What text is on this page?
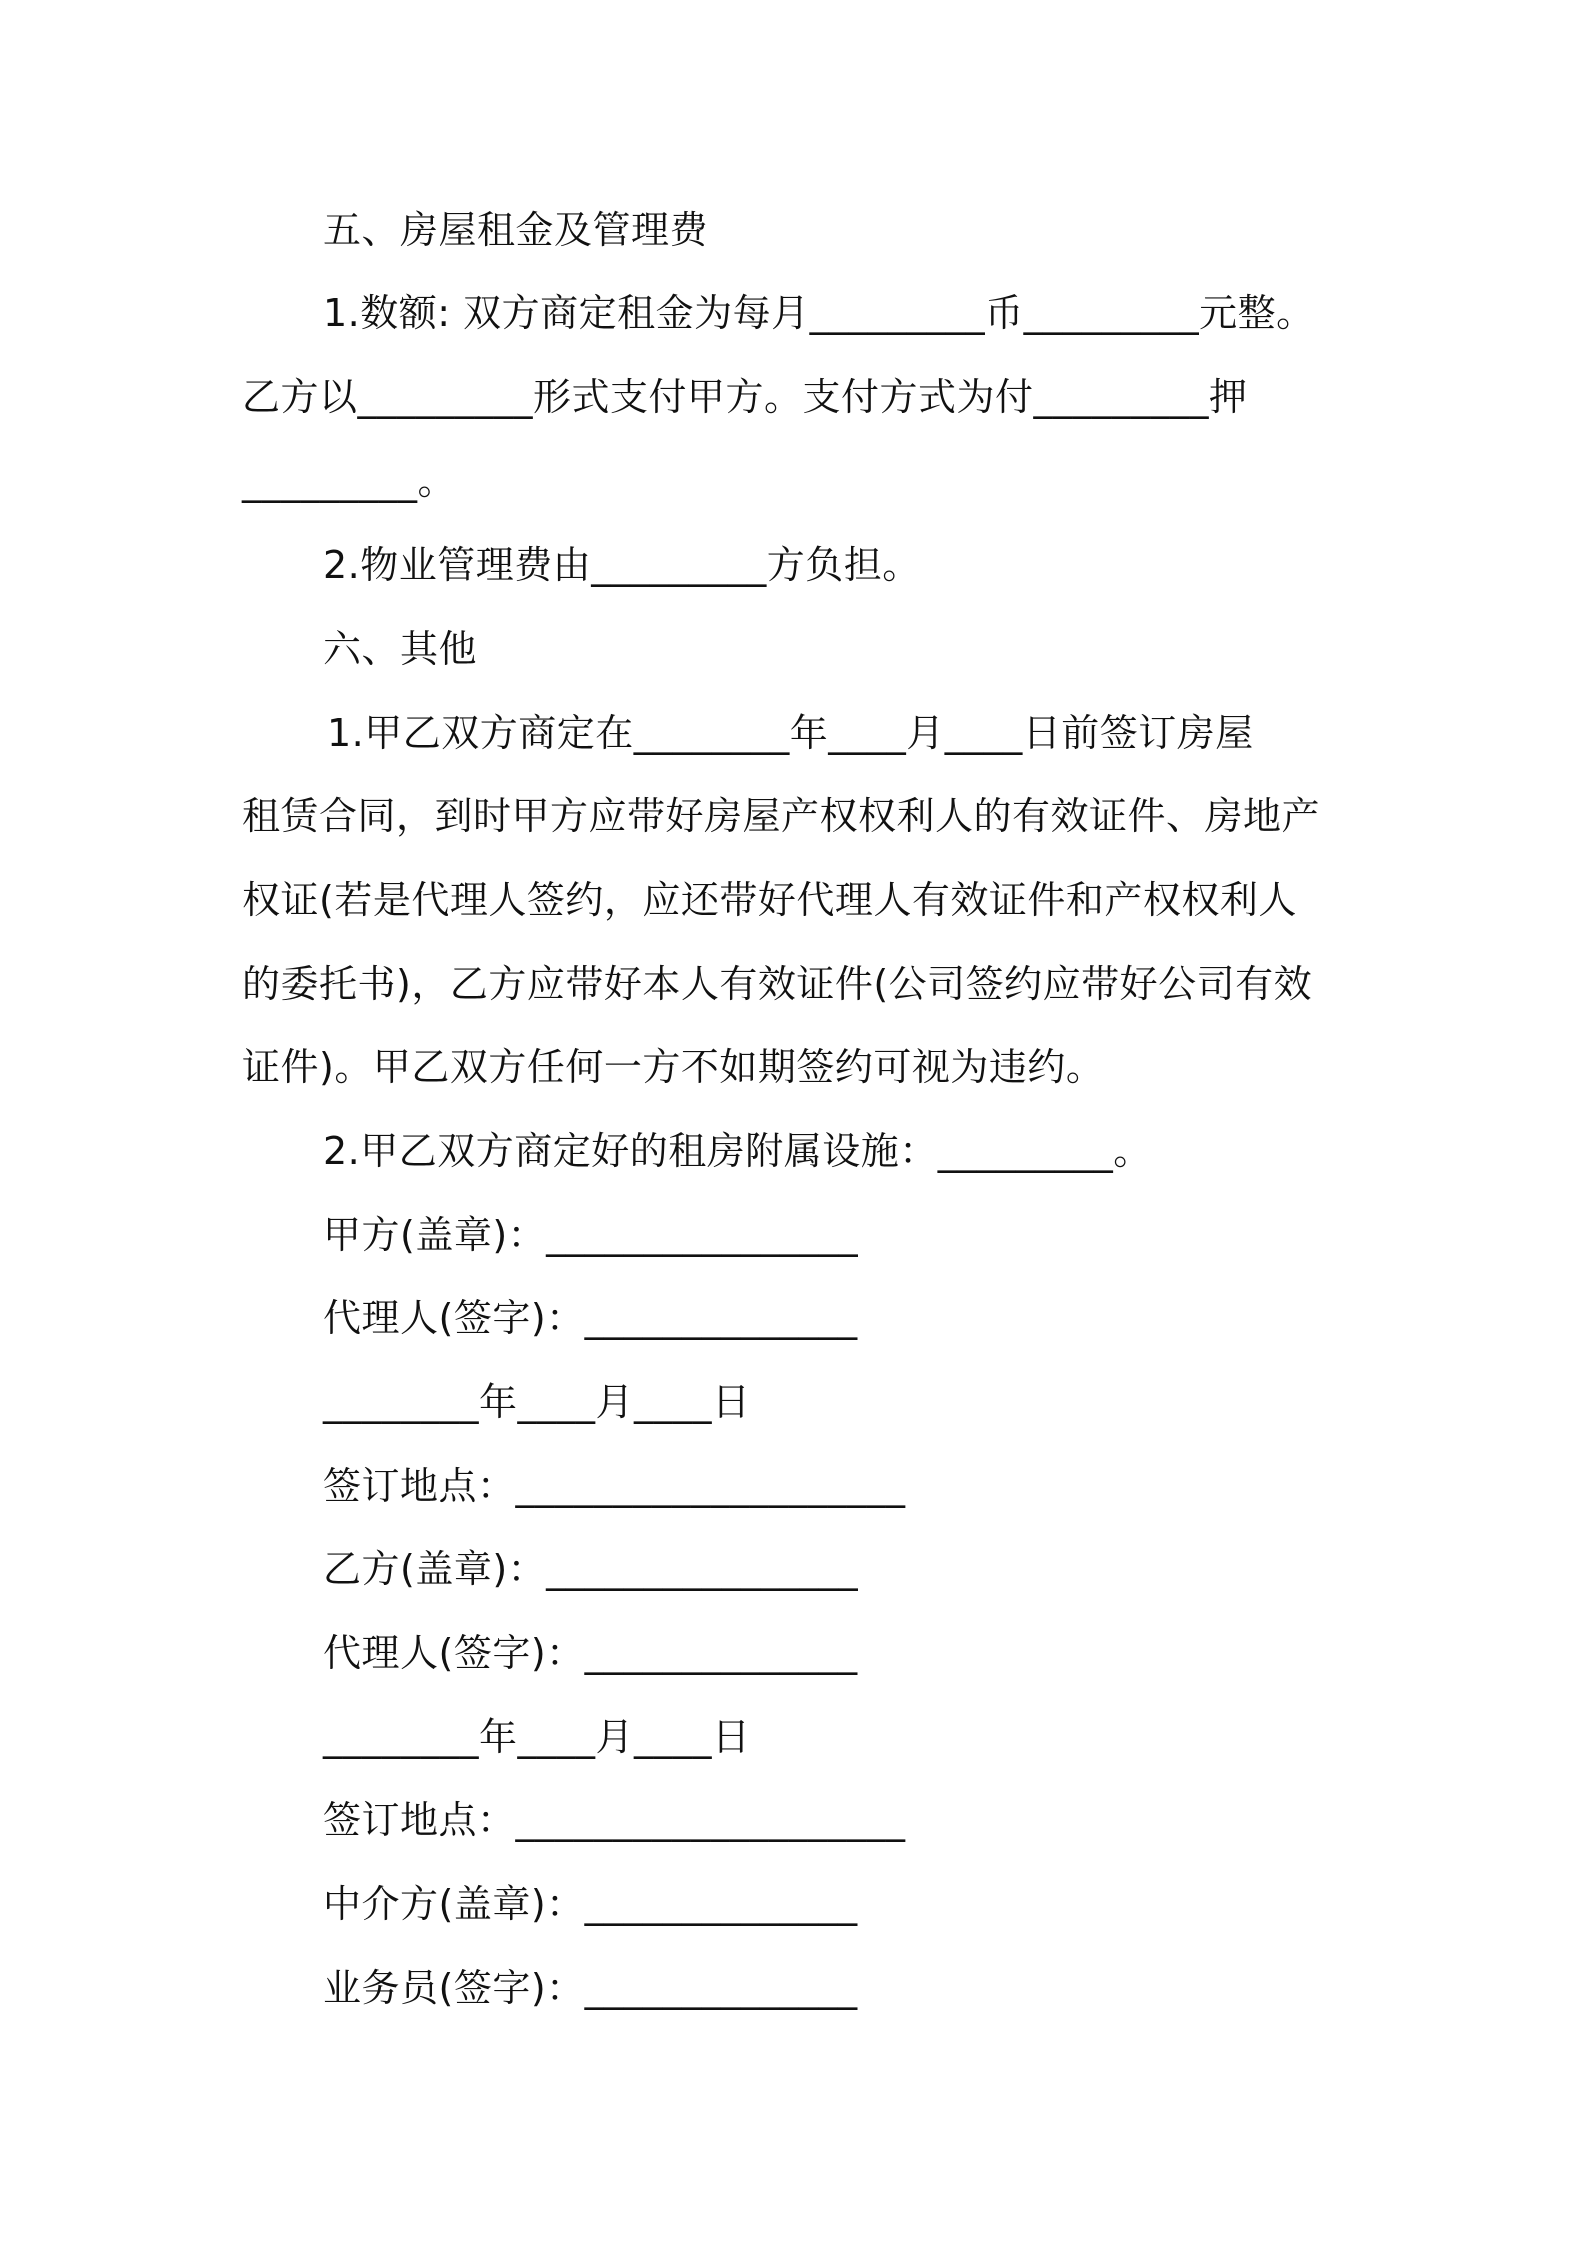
五、房屋租金及管理费
1.数额: 双方商定租金为每月_________币_________元整。
乙方以_________形式支付甲方。支付方式为付_________押
_________。
2.物业管理费由_________方负担。
六、其他
1.甲乙双方商定在________年____月____日前签订房屋
租赁合同，到时甲方应带好房屋产权权利人的有效证件、房地产
权证(若是代理人签约，应还带好代理人有效证件和产权权利人
的委托书)，乙方应带好本人有效证件(公司签约应带好公司有效
证件)。甲乙双方任何一方不如期签约可视为违约。
2.甲乙双方商定好的租房附属设施：_________。
甲方(盖章)：________________
代理人(签字)：______________
________年____月____日
签订地点：____________________
乙方(盖章)：________________
代理人(签字)：______________
________年____月____日
签订地点：____________________
中介方(盖章)：______________
业务员(签字)：______________
